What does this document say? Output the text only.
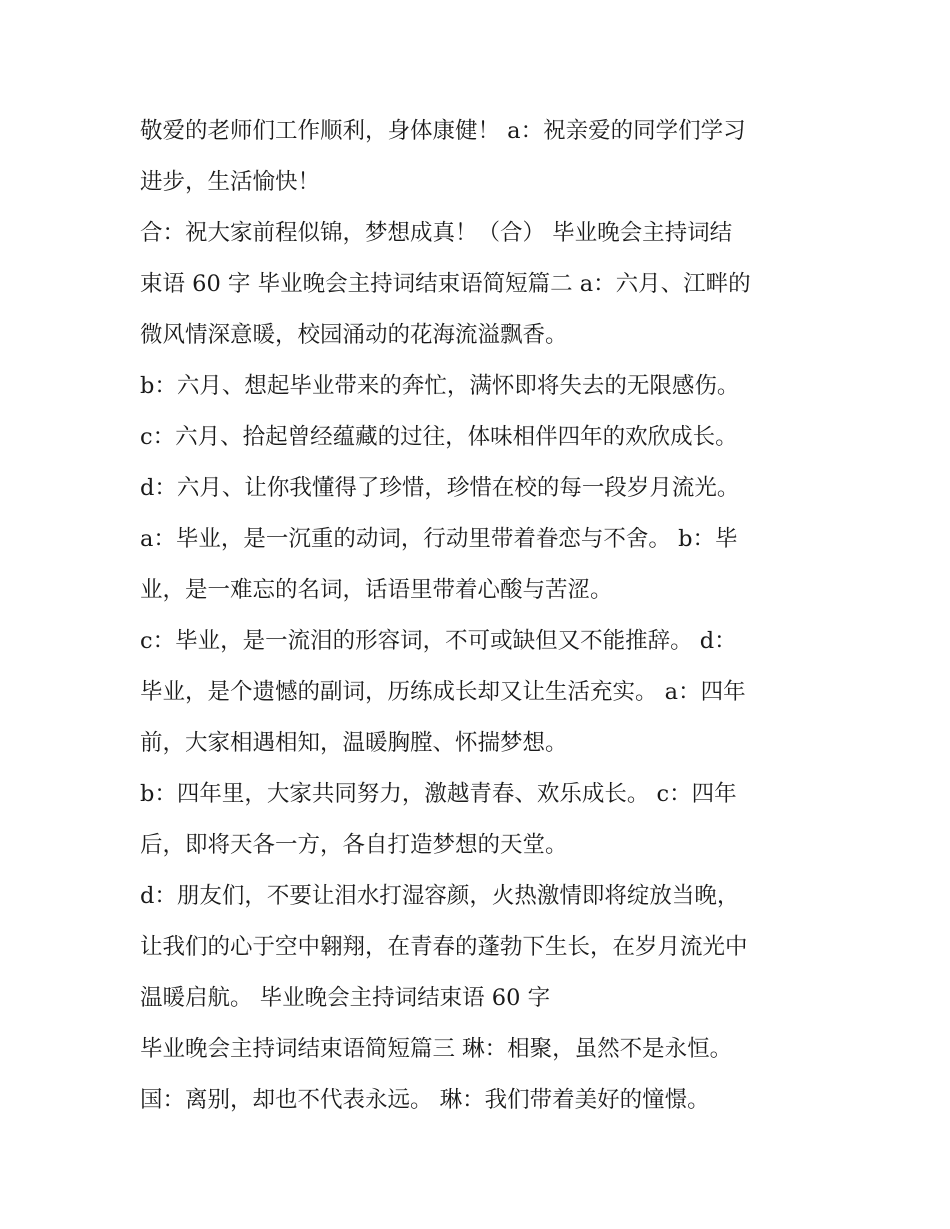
敬爱的老师们工作顺利，身体康健！ a：祝亲爱的同学们学习
进步，生活愉快！
合：祝大家前程似锦，梦想成真！（合） 毕业晚会主持词结
束语 60 字 毕业晚会主持词结束语简短篇二 a：六月、江畔的
微风情深意暖，校园涌动的花海流溢飘香。
b：六月、想起毕业带来的奔忙，满怀即将失去的无限感伤。
c：六月、拾起曾经蕴藏的过往，体味相伴四年的欢欣成长。
d：六月、让你我懂得了珍惜，珍惜在校的每一段岁月流光。
a：毕业，是一沉重的动词，行动里带着眷恋与不舍。 b：毕
业，是一难忘的名词，话语里带着心酸与苦涩。
c：毕业，是一流泪的形容词，不可或缺但又不能推辞。 d：
毕业，是个遗憾的副词，历练成长却又让生活充实。 a：四年
前，大家相遇相知，温暖胸膛、怀揣梦想。
b：四年里，大家共同努力，激越青春、欢乐成长。 c：四年
后，即将天各一方，各自打造梦想的天堂。
d：朋友们，不要让泪水打湿容颜，火热激情即将绽放当晚，
让我们的心于空中翱翔，在青春的蓬勃下生长，在岁月流光中
温暖启航。 毕业晚会主持词结束语 60 字
毕业晚会主持词结束语简短篇三 琳：相聚，虽然不是永恒。
国：离别，却也不代表永远。 琳：我们带着美好的憧憬。
